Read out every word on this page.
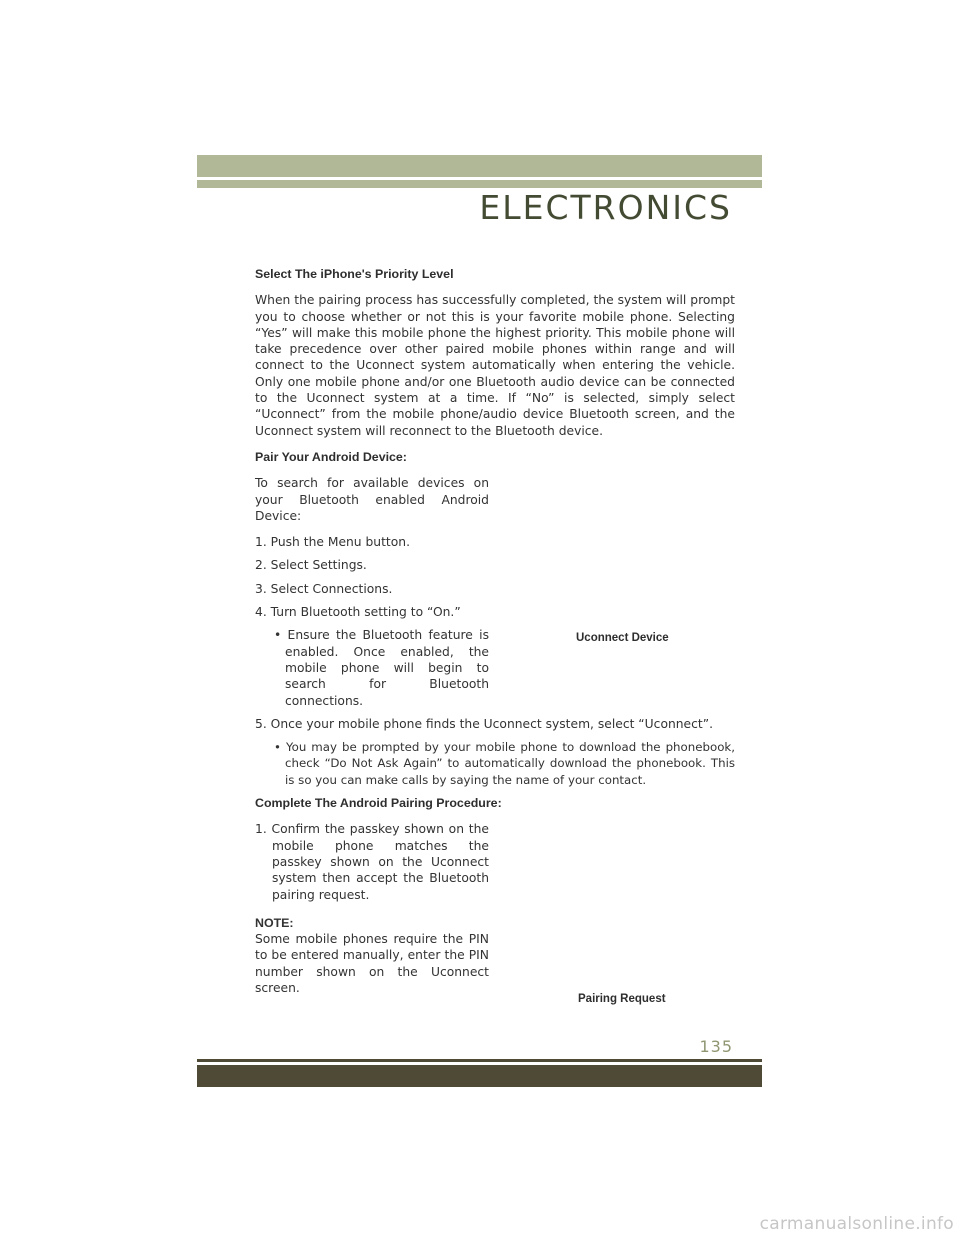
ELECTRONICS

Select The iPhone's Priority Level

When the pairing process has successfully completed, the system will prompt you to choose whether or not this is your favorite mobile phone. Selecting “Yes” will make this mobile phone the highest priority. This mobile phone will take precedence over other paired mobile phones within range and will connect to the Uconnect system automatically when entering the vehicle. Only one mobile phone and/or one Bluetooth audio device can be connected to the Uconnect system at a time. If “No” is selected, simply select “Uconnect” from the mobile phone/audio device Bluetooth screen, and the Uconnect system will reconnect to the Bluetooth device.

Pair Your Android Device:

To search for available devices on your Bluetooth enabled Android Device:

1. Push the Menu button.

2. Select Settings.

3. Select Connections.

4. Turn Bluetooth setting to “On.”

• Ensure the Bluetooth feature is enabled. Once enabled, the mobile phone will begin to search for Bluetooth connections.

5. Once your mobile phone finds the Uconnect system, select “Uconnect”.

• You may be prompted by your mobile phone to download the phonebook, check “Do Not Ask Again” to automatically download the phonebook. This is so you can make calls by saying the name of your contact.

Complete The Android Pairing Procedure:

1. Confirm the passkey shown on the mobile phone matches the passkey shown on the Uconnect system then accept the Bluetooth pairing request.

NOTE:

Some mobile phones require the PIN to be entered manually, enter the PIN number shown on the Uconnect screen.

Uconnect Device
Pairing Request
135
carmanualsonline.info
